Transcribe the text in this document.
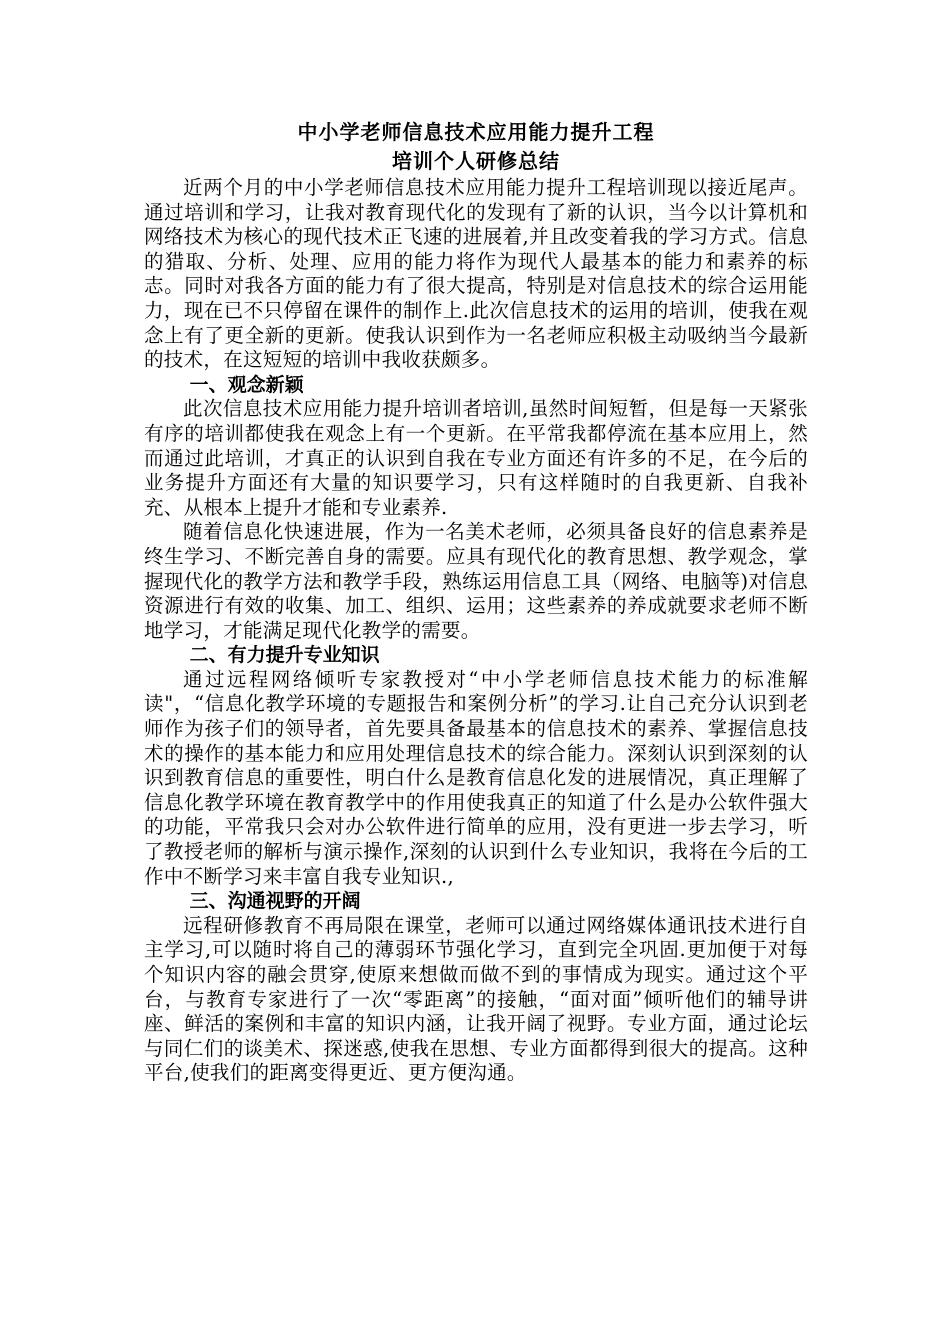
中小学老师信息技术应用能力提升工程

培训个人研修总结

近两个月的中小学老师信息技术应用能力提升工程培训现以接近尾声。通过培训和学习，让我对教育现代化的发现有了新的认识，当今以计算机和网络技术为核心的现代技术正飞速的进展着,并且改变着我的学习方式。信息的猎取、分析、处理、应用的能力将作为现代人最基本的能力和素养的标志。同时对我各方面的能力有了很大提高，特别是对信息技术的综合运用能力，现在已不只停留在课件的制作上.此次信息技术的运用的培训，使我在观念上有了更全新的更新。使我认识到作为一名老师应积极主动吸纳当今最新的技术，在这短短的培训中我收获颇多。

一、观念新颖

此次信息技术应用能力提升培训者培训,虽然时间短暂，但是每一天紧张有序的培训都使我在观念上有一个更新。在平常我都停流在基本应用上，然而通过此培训，才真正的认识到自我在专业方面还有许多的不足，在今后的业务提升方面还有大量的知识要学习，只有这样随时的自我更新、自我补充、从根本上提升才能和专业素养.

随着信息化快速进展，作为一名美术老师，必须具备良好的信息素养是终生学习、不断完善自身的需要。应具有现代化的教育思想、教学观念，掌握现代化的教学方法和教学手段，熟练运用信息工具（网络、电脑等)对信息资源进行有效的收集、加工、组织、运用；这些素养的养成就要求老师不断地学习，才能满足现代化教学的需要。

二、有力提升专业知识

通过远程网络倾听专家教授对“中小学老师信息技术能力的标准解读"，“信息化教学环境的专题报告和案例分析”的学习.让自己充分认识到老师作为孩子们的领导者，首先要具备最基本的信息技术的素养、掌握信息技术的操作的基本能力和应用处理信息技术的综合能力。深刻认识到深刻的认识到教育信息的重要性，明白什么是教育信息化发的进展情况，真正理解了信息化教学环境在教育教学中的作用使我真正的知道了什么是办公软件强大的功能，平常我只会对办公软件进行简单的应用，没有更进一步去学习，听了教授老师的解析与演示操作,深刻的认识到什么专业知识，我将在今后的工作中不断学习来丰富自我专业知识.,

三、沟通视野的开阔

远程研修教育不再局限在课堂，老师可以通过网络媒体通讯技术进行自主学习,可以随时将自己的薄弱环节强化学习，直到完全巩固.更加便于对每个知识内容的融会贯穿,使原来想做而做不到的事情成为现实。通过这个平台，与教育专家进行了一次“零距离”的接触，“面对面”倾听他们的辅导讲座、鲜活的案例和丰富的知识内涵，让我开阔了视野。专业方面，通过论坛与同仁们的谈美术、探迷惑,使我在思想、专业方面都得到很大的提高。这种平台,使我们的距离变得更近、更方便沟通。
